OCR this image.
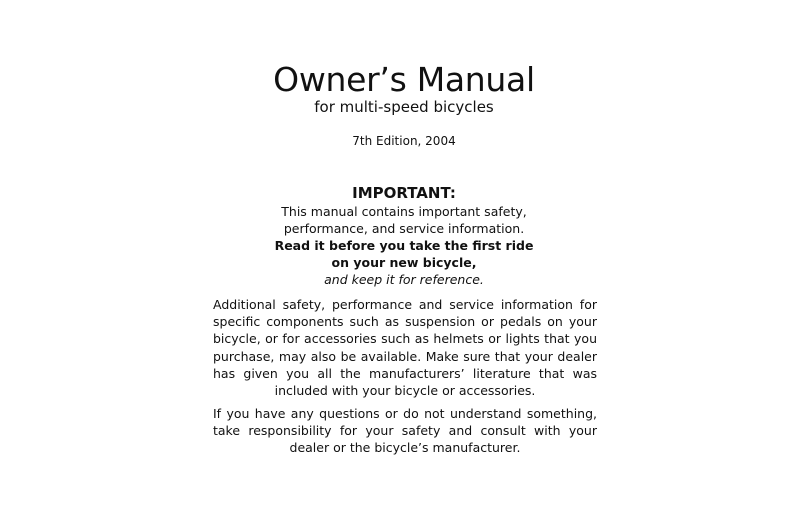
Owner’s Manual

for multi-speed bicycles

7th Edition, 2004

IMPORTANT:

This manual contains important safety,

performance, and service information.

Read it before you take the first ride

on your new bicycle,

and keep it for reference.

Additional safety, performance and service information for specific components such as suspension or pedals on your bicycle, or for accessories such as helmets or lights that you purchase, may also be available. Make sure that your dealer has given you all the manufacturers’ literature that was included with your bicycle or accessories.

If you have any questions or do not understand something, take responsibility for your safety and consult with your dealer or the bicycle’s manufacturer.
